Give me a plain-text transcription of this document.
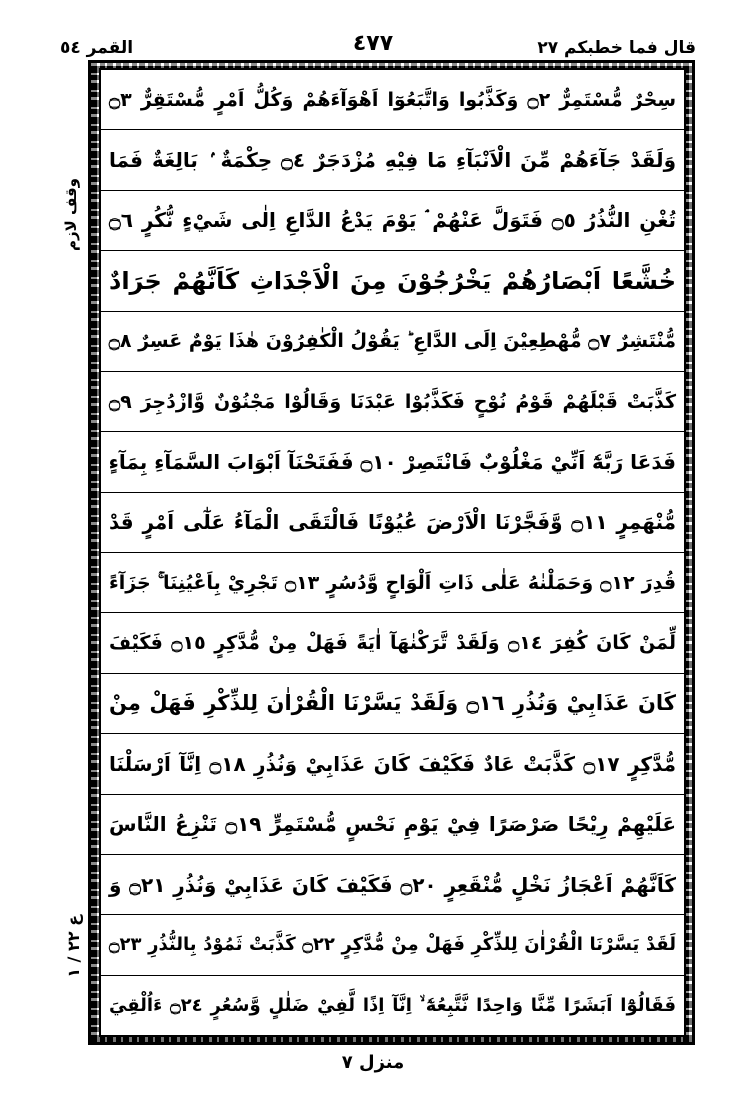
قال فما خطبكم ٢٧
٤٧٧
القمر ٥٤
وقف لازم
ع ٢٢ / ١
سِحْرٌ مُّسْتَمِرٌّ ۝٢ وَكَذَّبُوا وَاتَّبَعُوٓا اَهْوَآءَهُمْ وَكُلُّ اَمْرٍ مُّسْتَقِرٌّ ۝٣
وَلَقَدْ جَآءَهُمْ مِّنَ الْاَنْبَآءِ مَا فِيْهِ مُزْدَجَرٌ ۝٤ حِكْمَةٌ ۢ بَالِغَةٌ فَمَا
تُغْنِ النُّذُرُ ۝٥ فَتَوَلَّ عَنْهُمْ ۘ يَوْمَ يَدْعُ الدَّاعِ اِلٰى شَيْءٍ نُّكُرٍ ۝٦
خُشَّعًا اَبْصَارُهُمْ يَخْرُجُوْنَ مِنَ الْاَجْدَاثِ كَاَنَّهُمْ جَرَادٌ
مُّنْتَشِرٌ ۝٧ مُّهْطِعِيْنَ اِلَى الدَّاعِ ؕ يَقُوْلُ الْكٰفِرُوْنَ هٰذَا يَوْمٌ عَسِرٌ ۝٨
كَذَّبَتْ قَبْلَهُمْ قَوْمُ نُوْحٍ فَكَذَّبُوْا عَبْدَنَا وَقَالُوْا مَجْنُوْنٌ وَّازْدُجِرَ ۝٩
فَدَعَا رَبَّهٗٓ اَنِّيْ مَغْلُوْبٌ فَانْتَصِرْ ۝١٠ فَفَتَحْنَآ اَبْوَابَ السَّمَآءِ بِمَآءٍ
مُّنْهَمِرٍ ۝١١ وَّفَجَّرْنَا الْاَرْضَ عُيُوْنًا فَالْتَقَى الْمَآءُ عَلٰٓى اَمْرٍ قَدْ
قُدِرَ ۝١٢ وَحَمَلْنٰهُ عَلٰى ذَاتِ اَلْوَاحٍ وَّدُسُرٍ ۝١٣ تَجْرِيْ بِاَعْيُنِنَا ۚ جَزَآءً
لِّمَنْ كَانَ كُفِرَ ۝١٤ وَلَقَدْ تَّرَكْنٰهَآ اٰيَةً فَهَلْ مِنْ مُّدَّكِرٍ ۝١٥ فَكَيْفَ
كَانَ عَذَابِيْ وَنُذُرِ ۝١٦ وَلَقَدْ يَسَّرْنَا الْقُرْاٰنَ لِلذِّكْرِ فَهَلْ مِنْ
مُّدَّكِرٍ ۝١٧ كَذَّبَتْ عَادٌ فَكَيْفَ كَانَ عَذَابِيْ وَنُذُرِ ۝١٨ اِنَّآ اَرْسَلْنَا
عَلَيْهِمْ رِيْحًا صَرْصَرًا فِيْ يَوْمِ نَحْسٍ مُّسْتَمِرٍّ ۝١٩ تَنْزِعُ النَّاسَ
كَاَنَّهُمْ اَعْجَازُ نَخْلٍ مُّنْقَعِرٍ ۝٢٠ فَكَيْفَ كَانَ عَذَابِيْ وَنُذُرِ ۝٢١ وَ
لَقَدْ يَسَّرْنَا الْقُرْاٰنَ لِلذِّكْرِ فَهَلْ مِنْ مُّدَّكِرٍ ۝٢٢ كَذَّبَتْ ثَمُوْدُ بِالنُّذُرِ ۝٢٣
فَقَالُوْٓا اَبَشَرًا مِّنَّا وَاحِدًا نَّتَّبِعُهٗٓ ۙ اِنَّآ اِذًا لَّفِيْ ضَلٰلٍ وَّسُعُرٍ ۝٢٤ ءَاُلْقِيَ
منزل ٧
